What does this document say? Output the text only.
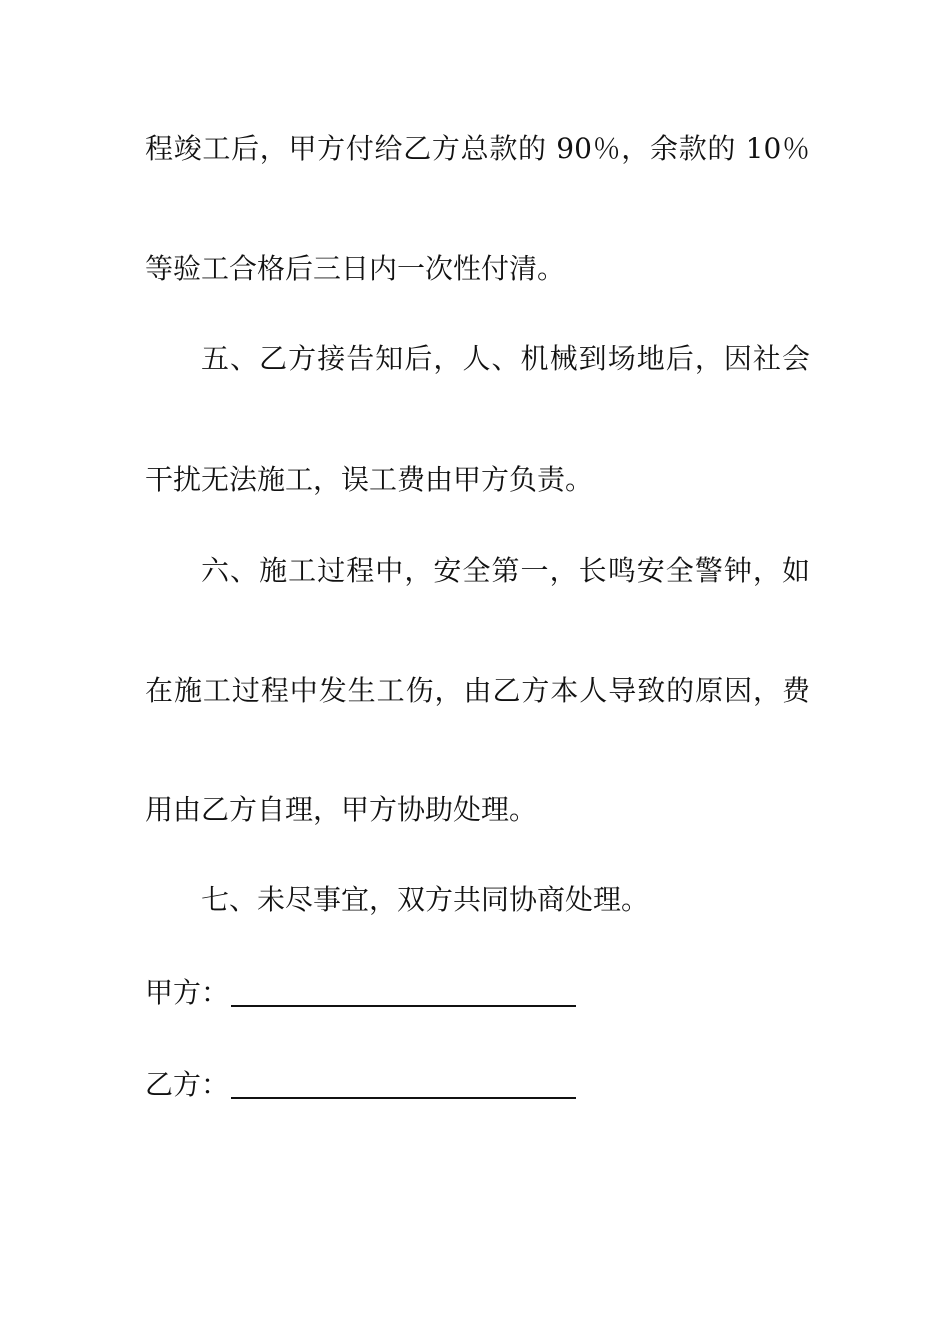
程竣工后，甲方付给乙方总款的 90％，余款的 10％
等验工合格后三日内一次性付清。
五、乙方接告知后，人、机械到场地后，因社会
干扰无法施工，误工费由甲方负责。
六、施工过程中，安全第一，长鸣安全警钟，如
在施工过程中发生工伤，由乙方本人导致的原因，费
用由乙方自理，甲方协助处理。
七、未尽事宜，双方共同协商处理。
甲方：
乙方：
